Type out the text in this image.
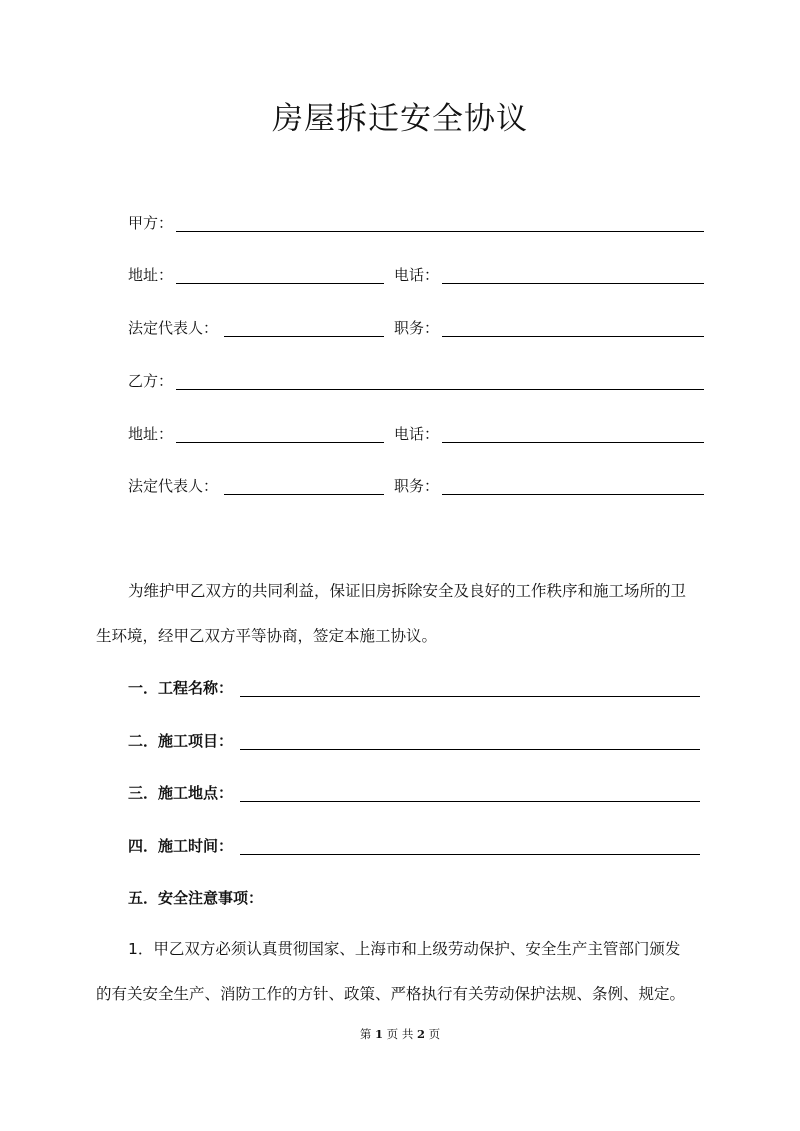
房屋拆迁安全协议
甲方：
地址：	电话：
法定代表人：	职务：
乙方：
地址：	电话：
法定代表人：	职务：
为维护甲乙双方的共同利益，保证旧房拆除安全及良好的工作秩序和施工场所的卫
生环境，经甲乙双方平等协商，签定本施工协议。
一．工程名称：
二．施工项目：
三．施工地点：
四．施工时间：
五．安全注意事项：
1．甲乙双方必须认真贯彻国家、上海市和上级劳动保护、安全生产主管部门颁发
的有关安全生产、消防工作的方针、政策、严格执行有关劳动保护法规、条例、规定。
第 1 页 共 2 页
